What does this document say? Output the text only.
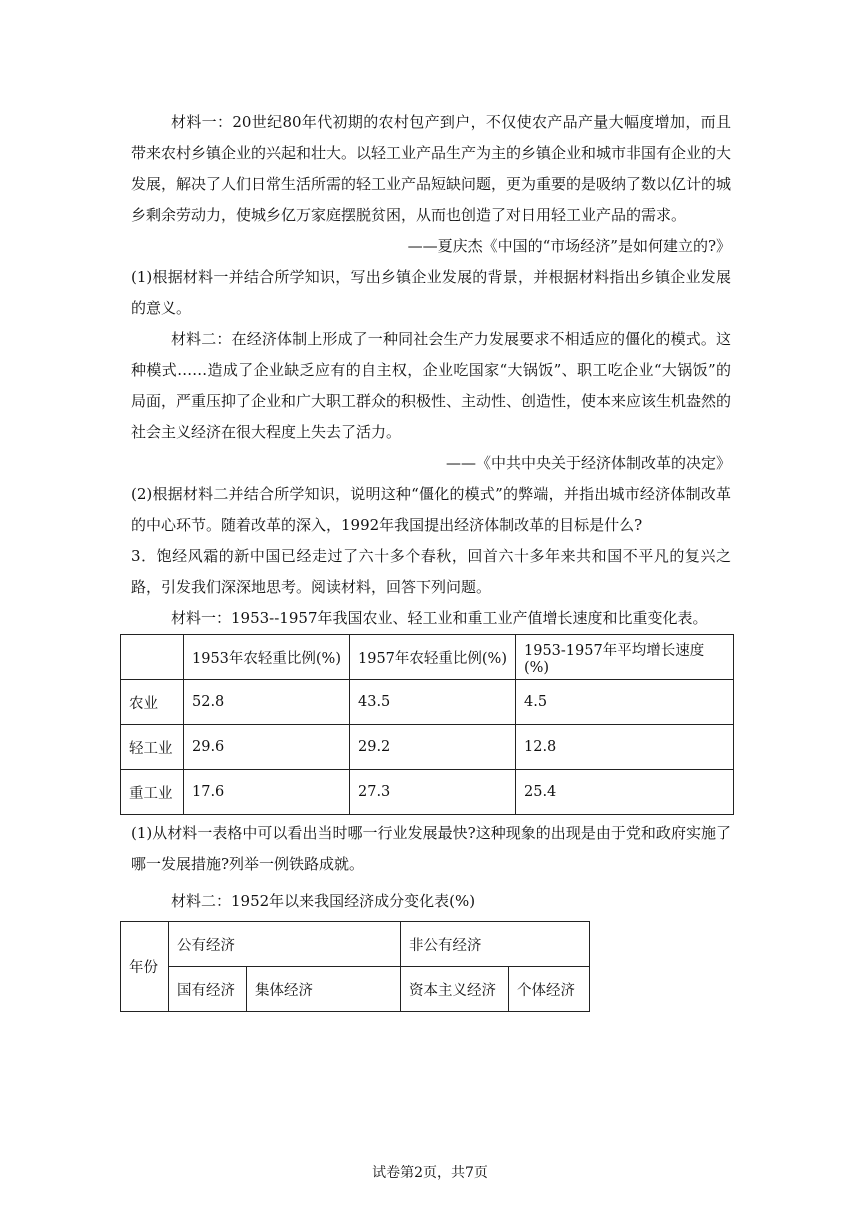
材料一：20世纪80年代初期的农村包产到户，不仅使农产品产量大幅度增加，而且带来农村乡镇企业的兴起和壮大。以轻工业产品生产为主的乡镇企业和城市非国有企业的大发展，解决了人们日常生活所需的轻工业产品短缺问题，更为重要的是吸纳了数以亿计的城乡剩余劳动力，使城乡亿万家庭摆脱贫困，从而也创造了对日用轻工业产品的需求。

——夏庆杰《中国的“市场经济”是如何建立的?》

(1)根据材料一并结合所学知识，写出乡镇企业发展的背景，并根据材料指出乡镇企业发展的意义。

材料二：在经济体制上形成了一种同社会生产力发展要求不相适应的僵化的模式。这种模式……造成了企业缺乏应有的自主权，企业吃国家“大锅饭”、职工吃企业“大锅饭”的局面，严重压抑了企业和广大职工群众的积极性、主动性、创造性，使本来应该生机盎然的社会主义经济在很大程度上失去了活力。

——《中共中央关于经济体制改革的决定》

(2)根据材料二并结合所学知识，说明这种“僵化的模式”的弊端，并指出城市经济体制改革的中心环节。随着改革的深入，1992年我国提出经济体制改革的目标是什么?

3．饱经风霜的新中国已经走过了六十多个春秋，回首六十多年来共和国不平凡的复兴之路，引发我们深深地思考。阅读材料，回答下列问题。

材料一：1953--1957年我国农业、轻工业和重工业产值增长速度和比重变化表。

	1953年农轻重比例(%)	1957年农轻重比例(%)	1953-1957年平均增长速度(%)
农业	52.8	43.5	4.5
轻工业	29.6	29.2	12.8
重工业	17.6	27.3	25.4

(1)从材料一表格中可以看出当时哪一行业发展最快?这种现象的出现是由于党和政府实施了哪一发展措施?列举一例铁路成就。

材料二：1952年以来我国经济成分变化表(%)

年份	公有经济		非公有经济	
	国有经济	集体经济	资本主义经济	个体经济
试卷第2页，共7页
